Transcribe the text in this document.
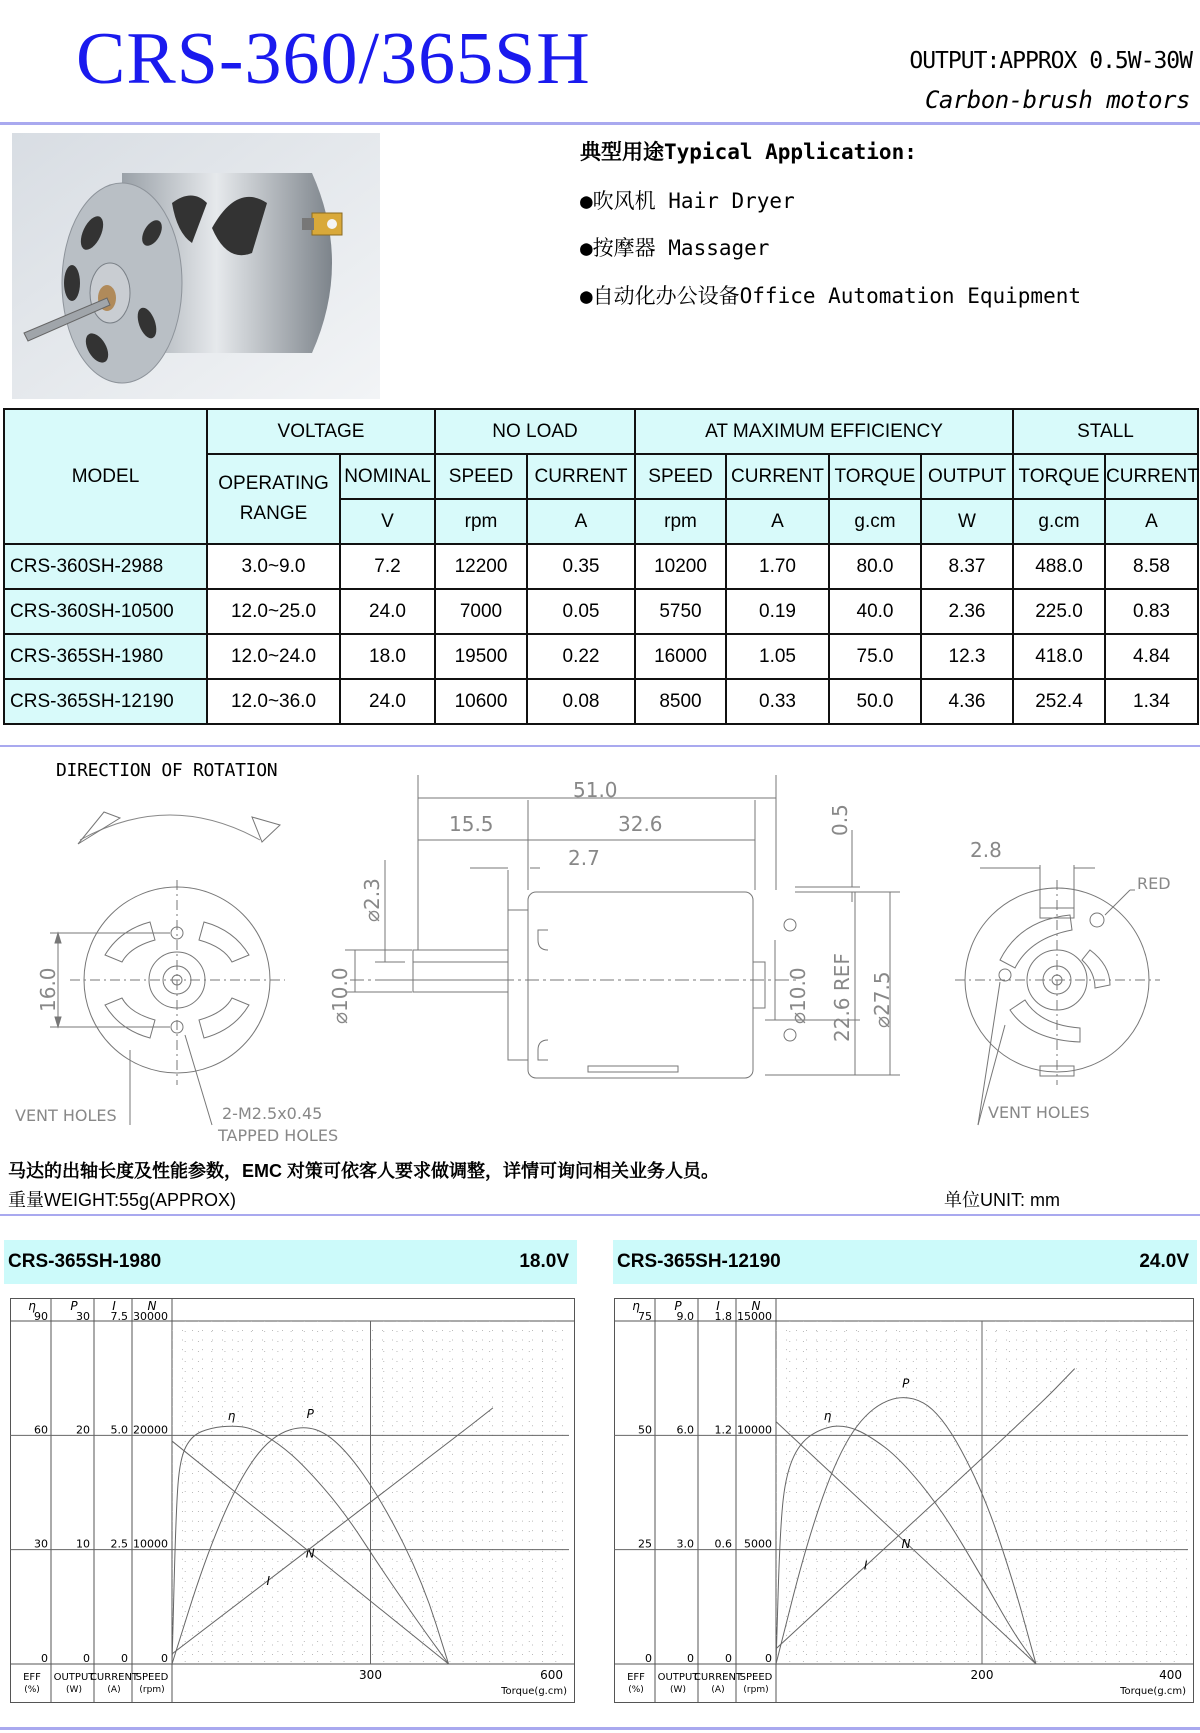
CRS-360/365SH	OUTPUT:APPROX 0.5W-30W
Carbon-brush motors
典型用途Typical Application:
●吹风机 Hair Dryer
●按摩器 Massager
●自动化办公设备Office Automation Equipment
MODEL	VOLTAGE		NO LOAD		AT MAXIMUM EFFICIENCY				STALL	
	OPERATING RANGE	NOMINAL	SPEED	CURRENT	SPEED	CURRENT	TORQUE	OUTPUT	TORQUE	CURRENT
		V	rpm	A	rpm	A	g.cm	W	g.cm	A
CRS-360SH-2988	3.0~9.0	7.2	12200	0.35	10200	1.70	80.0	8.37	488.0	8.58
CRS-360SH-10500	12.0~25.0	24.0	7000	0.05	5750	0.19	40.0	2.36	225.0	0.83
CRS-365SH-1980	12.0~24.0	18.0	19500	0.22	16000	1.05	75.0	12.3	418.0	4.84
CRS-365SH-12190	12.0~36.0	24.0	10600	0.08	8500	0.33	50.0	4.36	252.4	1.34
DIRECTION OF ROTATION
51.0
15.5	32.6
2.7
0.5
⌀2.3
⌀10.0	⌀10.0 22.6 REF ⌀27.5
16.0
2.8
RED
VENT HOLES	VENT HOLES
2-M2.5x0.45
TAPPED HOLES
马达的出轴长度及性能参数，EMC 对策可依客人要求做调整，详情可询问相关业务人员。
重量WEIGHT:55g(APPROX)	单位UNIT: mm
CRS-365SH-1980	18.0V	CRS-365SH-12190	24.0V
η
0
30
60
90
EFF
(%)
P
0
10
20
30
OUTPUT
(W)
I
0
2.5
5.0
7.5
CURRENT
(A)
N
0
10000
20000
30000
SPEED
(rpm)
300	600
Torque(g.cm)
η	P
N
I
η
0
25
50
75
EFF
(%)
P
0
3.0
6.0
9.0
OUTPUT
(W)
I
0
0.6
1.2
1.8
CURRENT
(A)
N
0
5000
10000
15000
SPEED
(rpm)
200	400
Torque(g.cm)
η
P
N
I
